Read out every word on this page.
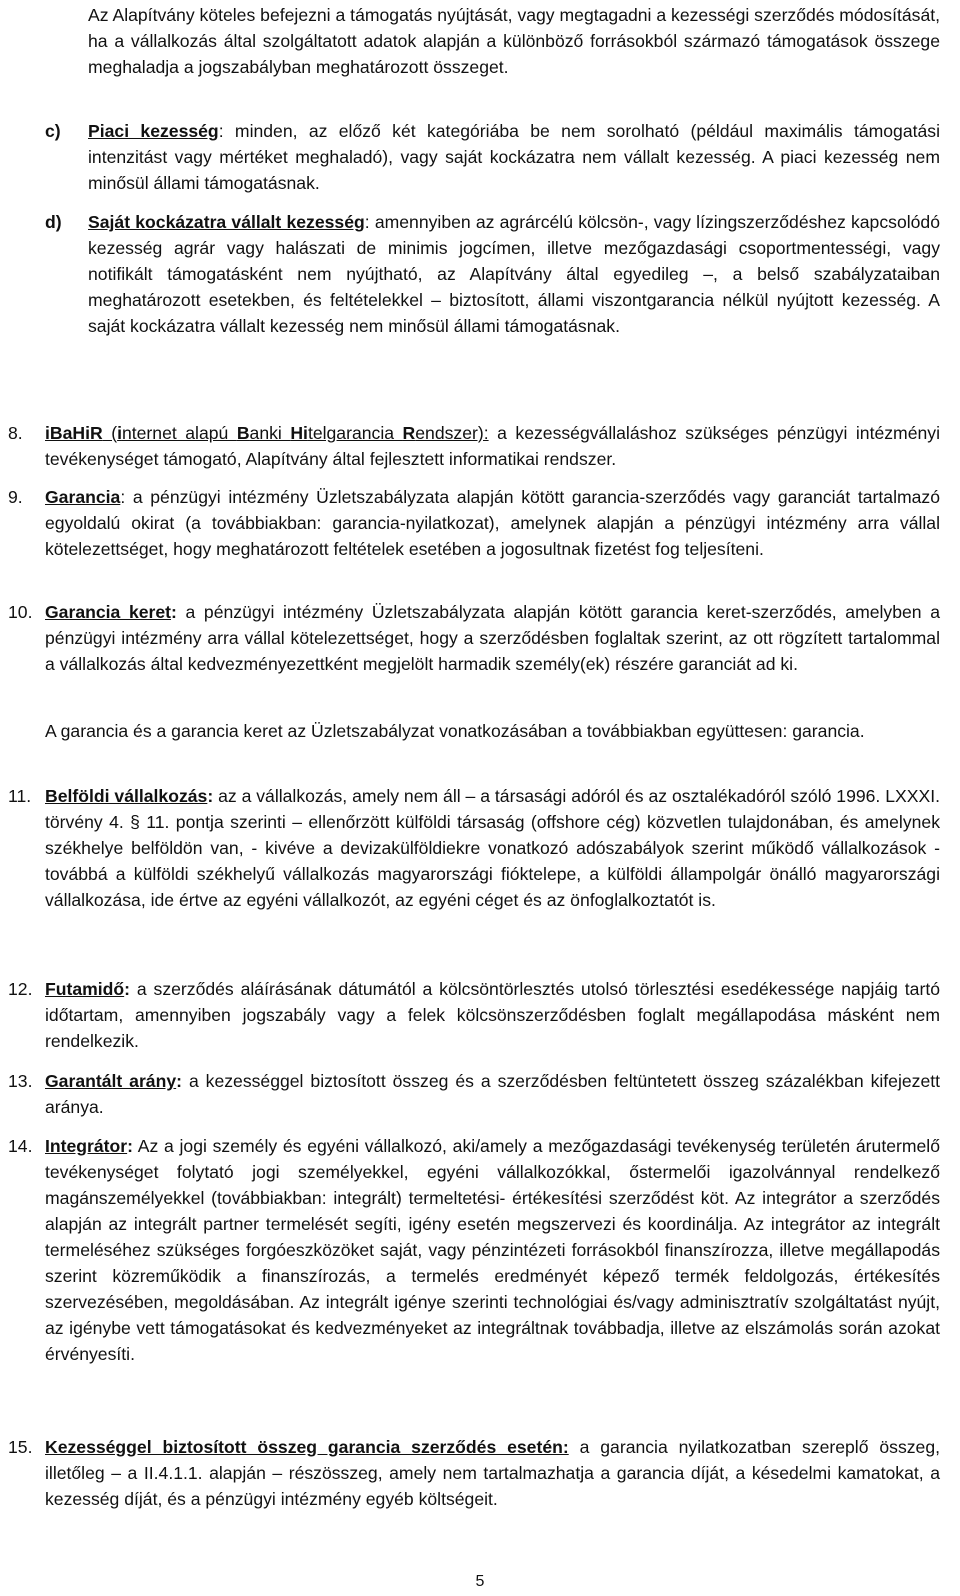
Az Alapítvány köteles befejezni a támogatás nyújtását, vagy megtagadni a kezességi szerződés módosítását, ha a vállalkozás által szolgáltatott adatok alapján a különböző forrásokból származó támogatások összege meghaladja a jogszabályban meghatározott összeget.

c) Piaci kezesség: minden, az előző két kategóriába be nem sorolható (például maximális támogatási intenzitást vagy mértéket meghaladó), vagy saját kockázatra nem vállalt kezesség. A piaci kezesség nem minősül állami támogatásnak.

d) Saját kockázatra vállalt kezesség: amennyiben az agrárcélú kölcsön-, vagy lízingszerződéshez kapcsolódó kezesség agrár vagy halászati de minimis jogcímen, illetve mezőgazdasági csoportmentességi, vagy notifikált támogatásként nem nyújtható, az Alapítvány által egyedileg –, a belső szabályzataiban meghatározott esetekben, és feltételekkel – biztosított, állami viszontgarancia nélkül nyújtott kezesség. A saját kockázatra vállalt kezesség nem minősül állami támogatásnak.

8. iBaHiR (internet alapú Banki Hitelgarancia Rendszer): a kezességvállaláshoz szükséges pénzügyi intézményi tevékenységet támogató, Alapítvány által fejlesztett informatikai rendszer.

9. Garancia: a pénzügyi intézmény Üzletszabályzata alapján kötött garancia-szerződés vagy garanciát tartalmazó egyoldalú okirat (a továbbiakban: garancia-nyilatkozat), amelynek alapján a pénzügyi intézmény arra vállal kötelezettséget, hogy meghatározott feltételek esetében a jogosultnak fizetést fog teljesíteni.

10. Garancia keret: a pénzügyi intézmény Üzletszabályzata alapján kötött garancia keret-szerződés, amelyben a pénzügyi intézmény arra vállal kötelezettséget, hogy a szerződésben foglaltak szerint, az ott rögzített tartalommal a vállalkozás által kedvezményezettként megjelölt harmadik személy(ek) részére garanciát ad ki.

A garancia és a garancia keret az Üzletszabályzat vonatkozásában a továbbiakban együttesen: garancia.

11. Belföldi vállalkozás: az a vállalkozás, amely nem áll – a társasági adóról és az osztalékadóról szóló 1996. LXXXI. törvény 4. § 11. pontja szerinti – ellenőrzött külföldi társaság (offshore cég) közvetlen tulajdonában, és amelynek székhelye belföldön van, - kivéve a devizakülföldiekre vonatkozó adószabályok szerint működő vállalkozások - továbbá a külföldi székhelyű vállalkozás magyarországi fióktelepe, a külföldi állampolgár önálló magyarországi vállalkozása, ide értve az egyéni vállalkozót, az egyéni céget és az önfoglalkoztatót is.

12. Futamidő: a szerződés aláírásának dátumától a kölcsöntörlesztés utolsó törlesztési esedékessége napjáig tartó időtartam, amennyiben jogszabály vagy a felek kölcsönszerződésben foglalt megállapodása másként nem rendelkezik.

13. Garantált arány: a kezességgel biztosított összeg és a szerződésben feltüntetett összeg százalékban kifejezett aránya.

14. Integrátor: Az a jogi személy és egyéni vállalkozó, aki/amely a mezőgazdasági tevékenység területén árutermelő tevékenységet folytató jogi személyekkel, egyéni vállalkozókkal, őstermelői igazolvánnyal rendelkező magánszemélyekkel (továbbiakban: integrált) termeltetési- értékesítési szerződést köt. Az integrátor a szerződés alapján az integrált partner termelését segíti, igény esetén megszervezi és koordinálja. Az integrátor az integrált termeléséhez szükséges forgóeszközöket saját, vagy pénzintézeti forrásokból finanszírozza, illetve megállapodás szerint közreműködik a finanszírozás, a termelés eredményét képező termék feldolgozás, értékesítés szervezésében, megoldásában. Az integrált igénye szerinti technológiai és/vagy adminisztratív szolgáltatást nyújt, az igénybe vett támogatásokat és kedvezményeket az integráltnak továbbadja, illetve az elszámolás során azokat érvényesíti.

15. Kezességgel biztosított összeg garancia szerződés esetén: a garancia nyilatkozatban szereplő összeg, illetőleg – a II.4.1.1. alapján – részösszeg, amely nem tartalmazhatja a garancia díját, a késedelmi kamatokat, a kezesség díját, és a pénzügyi intézmény egyéb költségeit.

5
